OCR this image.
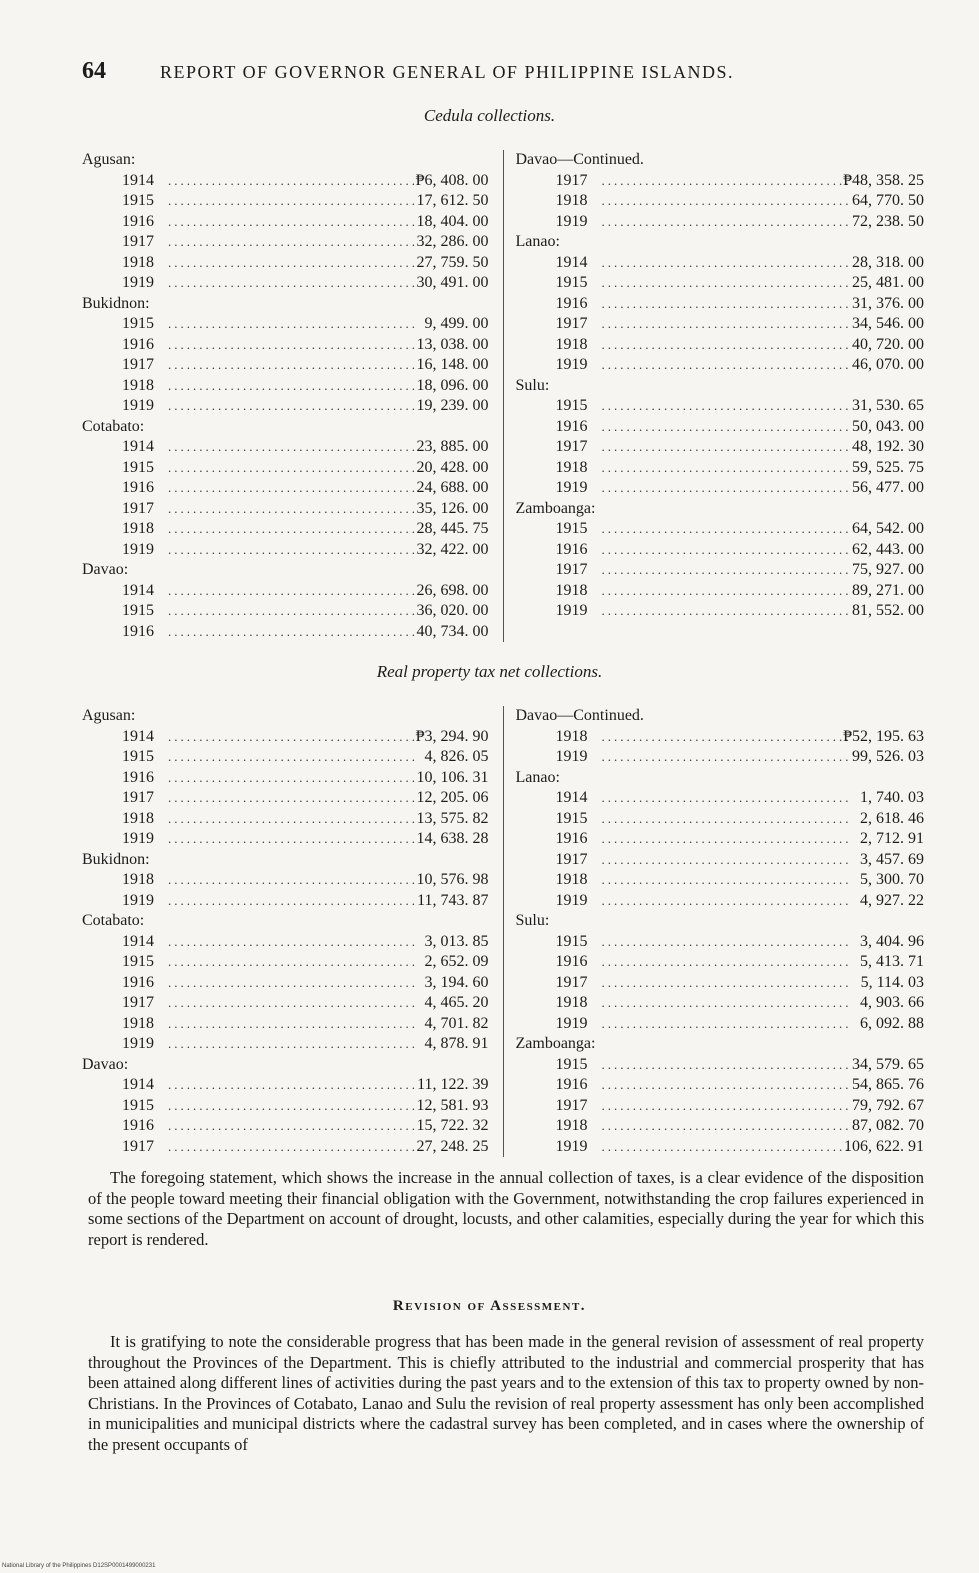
64	REPORT OF GOVERNOR GENERAL OF PHILIPPINE ISLANDS.
Cedula collections.
Agusan:
1914 ........................................
₱6, 408. 00
1915 ........................................
17, 612. 50
1916 ........................................
18, 404. 00
1917 ........................................
32, 286. 00
1918 ........................................
27, 759. 50
1919 ........................................
30, 491. 00
Bukidnon:
1915 ........................................ 9, 499. 00
1916 ........................................
13, 038. 00
1917 ........................................
16, 148. 00
1918 ........................................
18, 096. 00
1919 ........................................
19, 239. 00
Cotabato:
1914 ........................................
23, 885. 00
1915 ........................................
20, 428. 00
1916 ........................................
24, 688. 00
1917 ........................................
35, 126. 00
1918 ........................................
28, 445. 75
1919 ........................................
32, 422. 00
Davao:
1914 ........................................
26, 698. 00
1915 ........................................
36, 020. 00
1916 ........................................
40, 734. 00
Davao—Continued.
1917 ........................................
₱48, 358. 25
1918 ........................................ 64, 770. 50
1919 ........................................ 72, 238. 50
Lanao:
1914 ........................................ 28, 318. 00
1915 ........................................ 25, 481. 00
1916 ........................................ 31, 376. 00
1917 ........................................ 34, 546. 00
1918 ........................................ 40, 720. 00
1919 ........................................ 46, 070. 00
Sulu:
1915 ........................................ 31, 530. 65
1916 ........................................ 50, 043. 00
1917 ........................................ 48, 192. 30
1918 ........................................ 59, 525. 75
1919 ........................................ 56, 477. 00
Zamboanga:
1915 ........................................ 64, 542. 00
1916 ........................................ 62, 443. 00
1917 ........................................ 75, 927. 00
1918 ........................................ 89, 271. 00
1919 ........................................ 81, 552. 00
Real property tax net collections.
Agusan:
1914 ........................................
₱3, 294. 90
1915 ........................................ 4, 826. 05
1916 ........................................
10, 106. 31
1917 ........................................
12, 205. 06
1918 ........................................
13, 575. 82
1919 ........................................
14, 638. 28
Bukidnon:
1918 ........................................
10, 576. 98
1919 ........................................ 11, 743. 87
Cotabato:
1914 ........................................ 3, 013. 85
1915 ........................................ 2, 652. 09
1916 ........................................ 3, 194. 60
1917 ........................................ 4, 465. 20
1918 ........................................ 4, 701. 82
1919 ........................................ 4, 878. 91
Davao:
1914 ........................................ 11, 122. 39
1915 ........................................
12, 581. 93
1916 ........................................
15, 722. 32
1917 ........................................
27, 248. 25
Davao—Continued.
1918 ........................................
₱52, 195. 63
1919 ........................................ 99, 526. 03
Lanao:
1914 ........................................ 1, 740. 03
1915 ........................................ 2, 618. 46
1916 ........................................ 2, 712. 91
1917 ........................................ 3, 457. 69
1918 ........................................ 5, 300. 70
1919 ........................................ 4, 927. 22
Sulu:
1915 ........................................ 3, 404. 96
1916 ........................................ 5, 413. 71
1917 ........................................ 5, 114. 03
1918 ........................................ 4, 903. 66
1919 ........................................ 6, 092. 88
Zamboanga:
1915 ........................................ 34, 579. 65
1916 ........................................ 54, 865. 76
1917 ........................................ 79, 792. 67
1918 ........................................ 87, 082. 70
1919 ........................................
106, 622. 91
The foregoing statement, which shows the increase in the annual collection of taxes, is a clear evidence of the disposition of the people toward meeting their financial obligation with the Government, notwithstanding the crop failures experienced in some sections of the Department on account of drought, locusts, and other calamities, especially during the year for which this report is rendered.
Revision of Assessment.
It is gratifying to note the considerable progress that has been made in the general revision of assessment of real property throughout the Provinces of the Department. This is chiefly attributed to the industrial and commercial prosperity that has been attained along different lines of activities during the past years and to the extension of this tax to property owned by non-Christians. In the Provinces of Cotabato, Lanao and Sulu the revision of real property assessment has only been accomplished in municipalities and municipal districts where the cadastral survey has been completed, and in cases where the ownership of the present occupants of
National Library of the Philippines D12SP0001499000231
